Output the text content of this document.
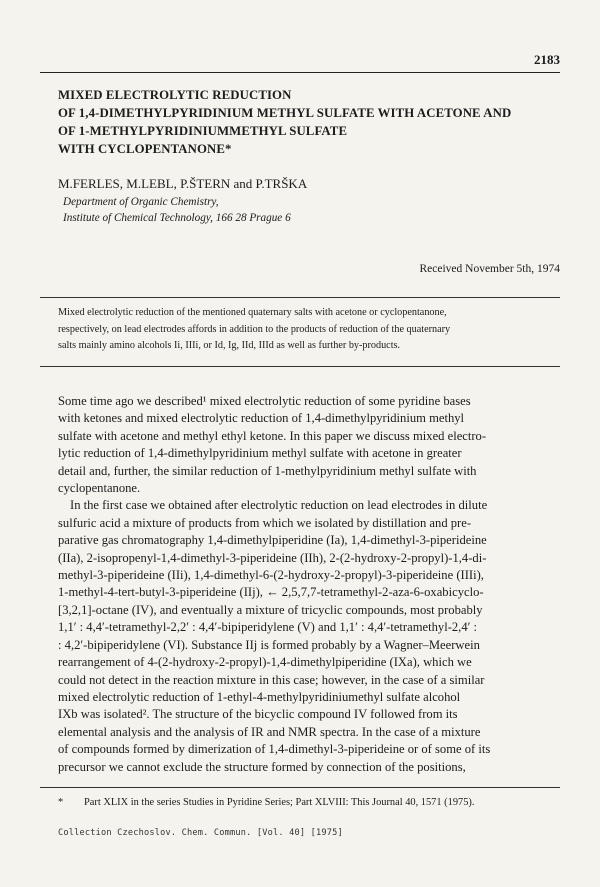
2183
MIXED ELECTROLYTIC REDUCTION
OF 1,4-DIMETHYLPYRIDINIUM METHYL SULFATE WITH ACETONE AND
OF 1-METHYLPYRIDINIUMMETHYL SULFATE
WITH CYCLOPENTANONE*
M.FERLES, M.LEBL, P.ŠTERN and P.TRŠKA
Department of Organic Chemistry,
Institute of Chemical Technology, 166 28 Prague 6
Received November 5th, 1974
Mixed electrolytic reduction of the mentioned quaternary salts with acetone or cyclopentanone,
respectively, on lead electrodes affords in addition to the products of reduction of the quaternary
salts mainly amino alcohols Ii, IIIi, or Id, Ig, IId, IIId as well as further by-products.
Some time ago we described¹ mixed electrolytic reduction of some pyridine bases
with ketones and mixed electrolytic reduction of 1,4-dimethylpyridinium methyl
sulfate with acetone and methyl ethyl ketone. In this paper we discuss mixed electro-
lytic reduction of 1,4-dimethylpyridinium methyl sulfate with acetone in greater
detail and, further, the similar reduction of 1-methylpyridinium methyl sulfate with
cyclopentanone.
In the first case we obtained after electrolytic reduction on lead electrodes in dilute
sulfuric acid a mixture of products from which we isolated by distillation and pre-
parative gas chromatography 1,4-dimethylpiperidine (Ia), 1,4-dimethyl-3-piperideine
(IIa), 2-isopropenyl-1,4-dimethyl-3-piperideine (IIh), 2-(2-hydroxy-2-propyl)-1,4-di-
methyl-3-piperideine (IIi), 1,4-dimethyl-6-(2-hydroxy-2-propyl)-3-piperideine (IIIi),
1-methyl-4-tert-butyl-3-piperideine (IIj), ← 2,5,7,7-tetramethyl-2-aza-6-oxabicyclo-
[3,2,1]-octane (IV), and eventually a mixture of tricyclic compounds, most probably
1,1′ : 4,4′-tetramethyl-2,2′ : 4,4′-bipiperidylene (V) and 1,1′ : 4,4′-tetramethyl-2,4′ :
: 4,2′-bipiperidylene (VI). Substance IIj is formed probably by a Wagner–Meerwein
rearrangement of 4-(2-hydroxy-2-propyl)-1,4-dimethylpiperidine (IXa), which we
could not detect in the reaction mixture in this case; however, in the case of a similar
mixed electrolytic reduction of 1-ethyl-4-methylpyridiniumethyl sulfate alcohol
IXb was isolated². The structure of the bicyclic compound IV followed from its
elemental analysis and the analysis of IR and NMR spectra. In the case of a mixture
of compounds formed by dimerization of 1,4-dimethyl-3-piperideine or of some of its
precursor we cannot exclude the structure formed by connection of the positions,
* Part XLIX in the series Studies in Pyridine Series; Part XLVIII: This Journal 40, 1571 (1975).
Collection Czechoslov. Chem. Commun. [Vol. 40] [1975]
